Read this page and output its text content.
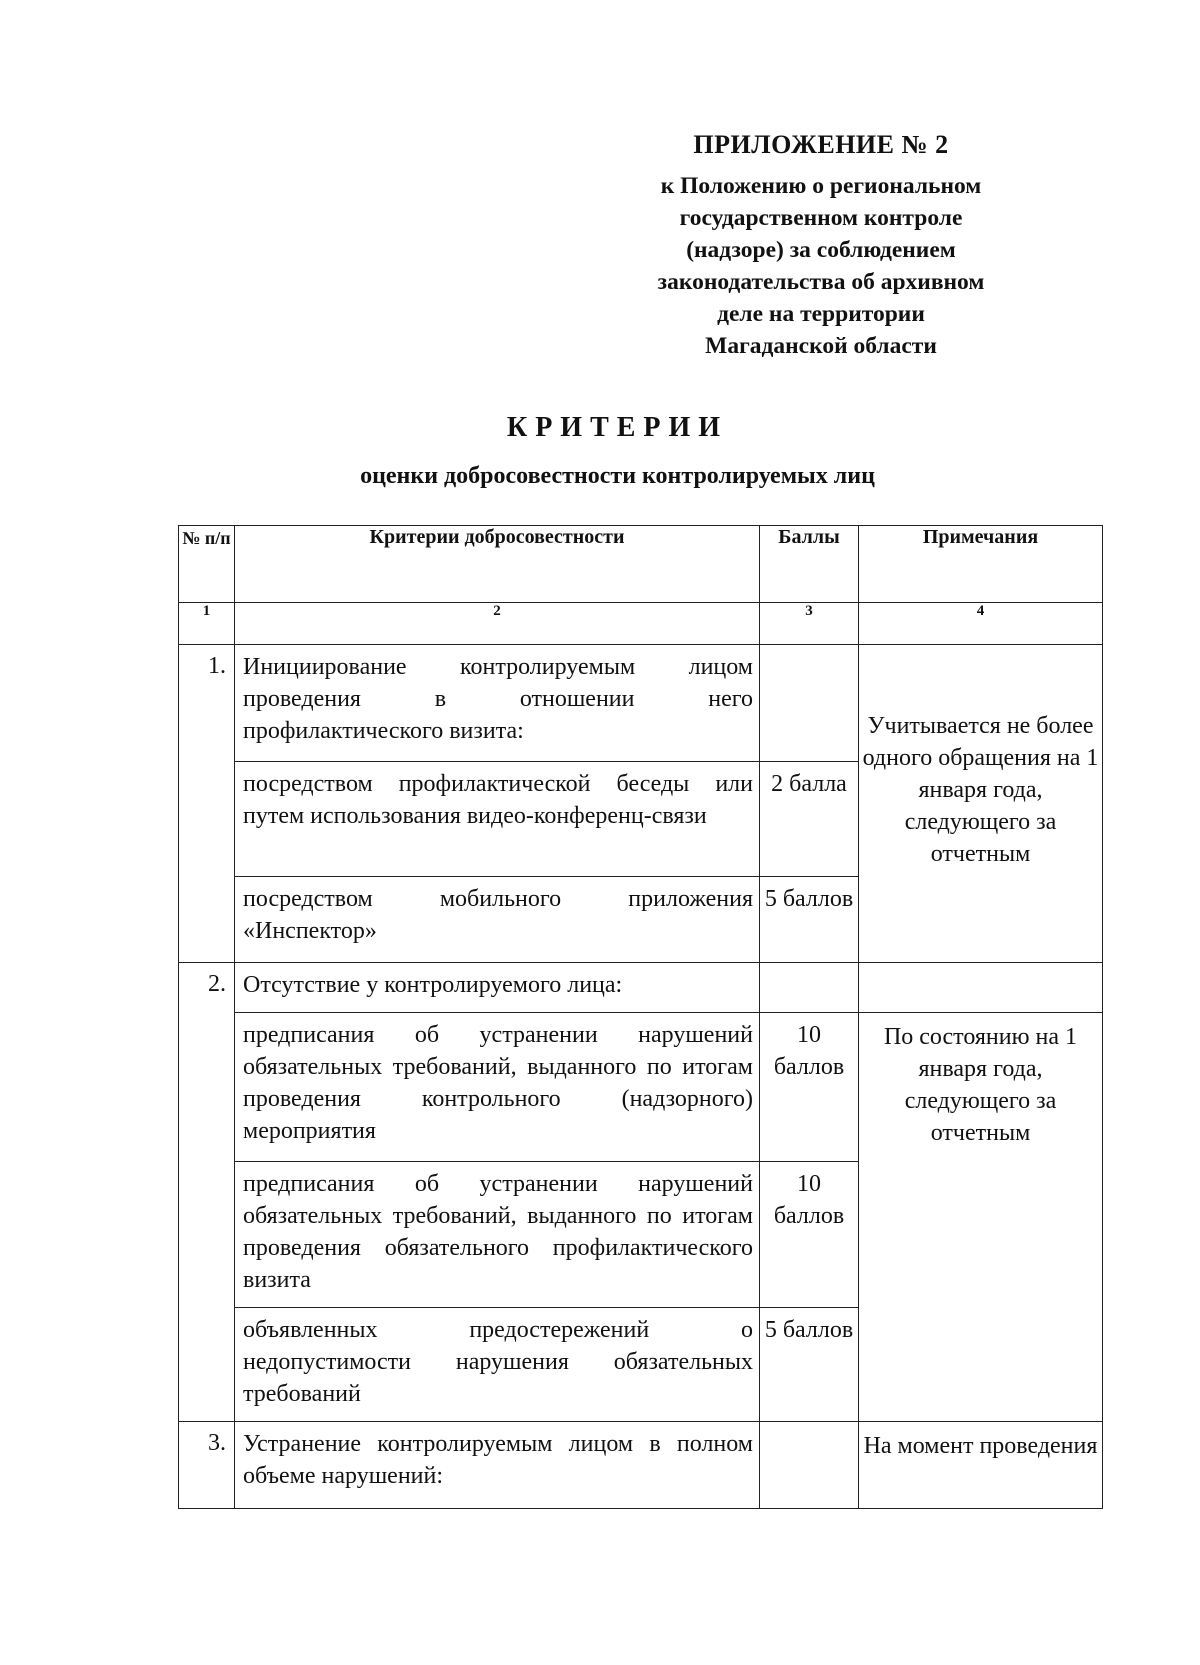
ПРИЛОЖЕНИЕ № 2
к Положению о региональном
государственном контроле
(надзоре) за соблюдением
законодательства об архивном
деле на территории
Магаданской области
КРИТЕРИИ
оценки добросовестности контролируемых лиц
№ п/п	Критерии добросовестности	Баллы	Примечания
1	2	3	4
1.	Инициирование контролируемым лицом проведения в отношении него профилактического визита:		Учитывается не более одного обращения на 1 января года, следующего за отчетным
	посредством профилактической беседы или путем использования видео-конференц-связи	2 балла	
	посредством мобильного приложения «Инспектор»	5 баллов	
2.	Отсутствие у контролируемого лица:		
	предписания об устранении нарушений обязательных требований, выданного по итогам проведения контрольного (надзорного) мероприятия	10 баллов	По состоянию на 1 января года, следующего за отчетным
	предписания об устранении нарушений обязательных требований, выданного по итогам проведения обязательного профилактического визита	10 баллов	
	объявленных предостережений о недопустимости нарушения обязательных требований	5 баллов	
3.	Устранение контролируемым лицом в полном объеме нарушений:		На момент проведения
